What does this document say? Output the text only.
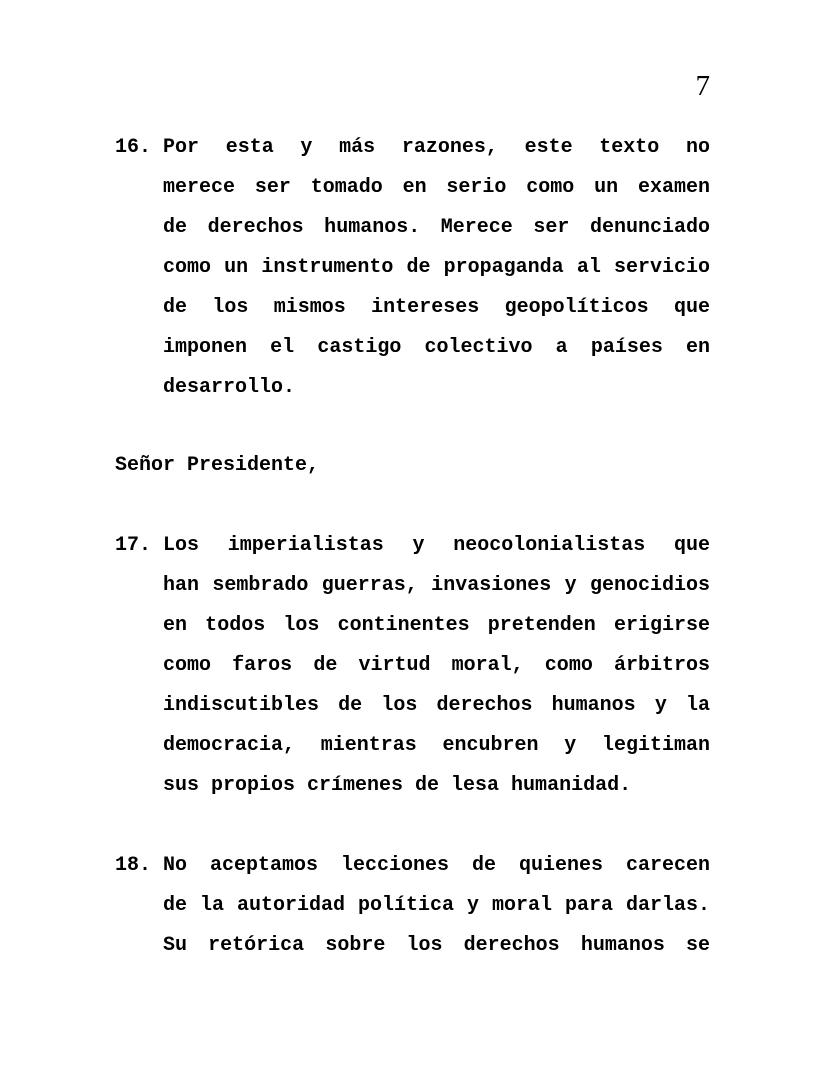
7
16. Por esta y más razones, este texto no
merece ser tomado en serio como un examen
de derechos humanos. Merece ser denunciado
como un instrumento de propaganda al servicio
de los mismos intereses geopolíticos que
imponen el castigo colectivo a países en
desarrollo.
Señor Presidente,
17. Los imperialistas y neocolonialistas que
han sembrado guerras, invasiones y genocidios
en todos los continentes pretenden erigirse
como faros de virtud moral, como árbitros
indiscutibles de los derechos humanos y la
democracia, mientras encubren y legitiman
sus propios crímenes de lesa humanidad.
18. No aceptamos lecciones de quienes carecen
de la autoridad política y moral para darlas.
Su retórica sobre los derechos humanos se
